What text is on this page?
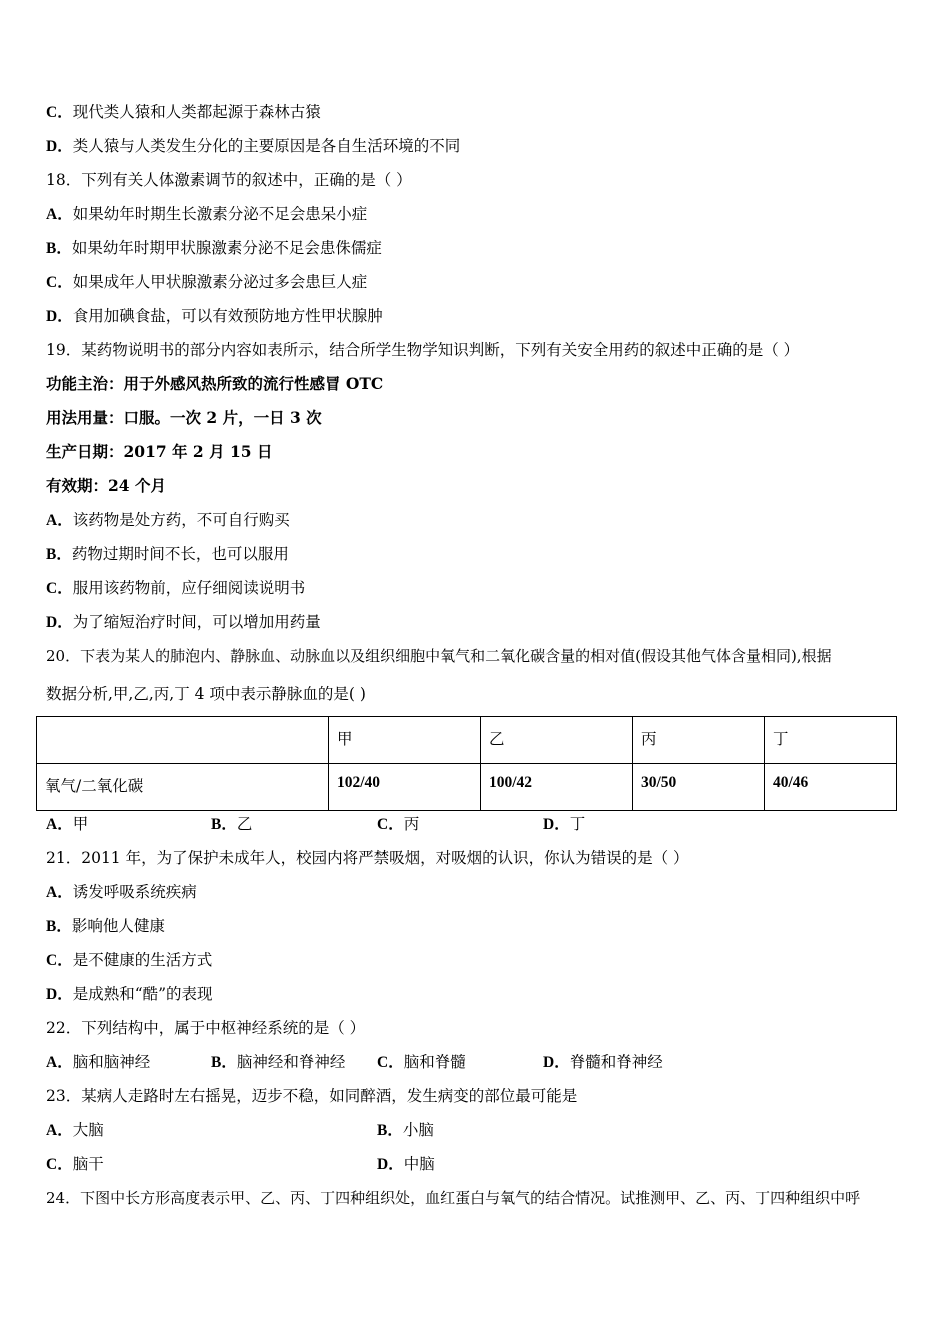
C．现代类人猿和人类都起源于森林古猿
D．类人猿与人类发生分化的主要原因是各自生活环境的不同
18．下列有关人体激素调节的叙述中，正确的是（ ）
A．如果幼年时期生长激素分泌不足会患呆小症
B．如果幼年时期甲状腺激素分泌不足会患侏儒症
C．如果成年人甲状腺激素分泌过多会患巨人症
D．食用加碘食盐，可以有效预防地方性甲状腺肿
19．某药物说明书的部分内容如表所示，结合所学生物学知识判断，下列有关安全用药的叙述中正确的是（ ）
功能主治：用于外感风热所致的流行性感冒 OTC
用法用量：口服。一次 2 片，一日 3 次
生产日期：2017 年 2 月 15 日
有效期：24 个月
A．该药物是处方药，不可自行购买
B．药物过期时间不长，也可以服用
C．服用该药物前，应仔细阅读说明书
D．为了缩短治疗时间，可以增加用药量
20．下表为某人的肺泡内、静脉血、动脉血以及组织细胞中氧气和二氧化碳含量的相对值(假设其他气体含量相同),根据
数据分析,甲,乙,丙,丁 4 项中表示静脉血的是( )

	甲	乙	丙	丁

氧气/二氧化碳	102/40	100/42	30/50	40/46
A．甲	B．乙	C．丙	D．丁
21．2011 年，为了保护未成年人，校园内将严禁吸烟，对吸烟的认识，你认为错误的是（ ）
A．诱发呼吸系统疾病
B．影响他人健康
C．是不健康的生活方式
D．是成熟和“酷”的表现
22．下列结构中，属于中枢神经系统的是（ ）
A．脑和脑神经	B．脑神经和脊神经 C．脑和脊髓	D．脊髓和脊神经
23．某病人走路时左右摇晃，迈步不稳，如同醉酒，发生病变的部位最可能是
A．大脑	B．小脑
C．脑干	D．中脑
24．下图中长方形高度表示甲、乙、丙、丁四种组织处，血红蛋白与氧气的结合情况。试推测甲、乙、丙、丁四种组织中呼
